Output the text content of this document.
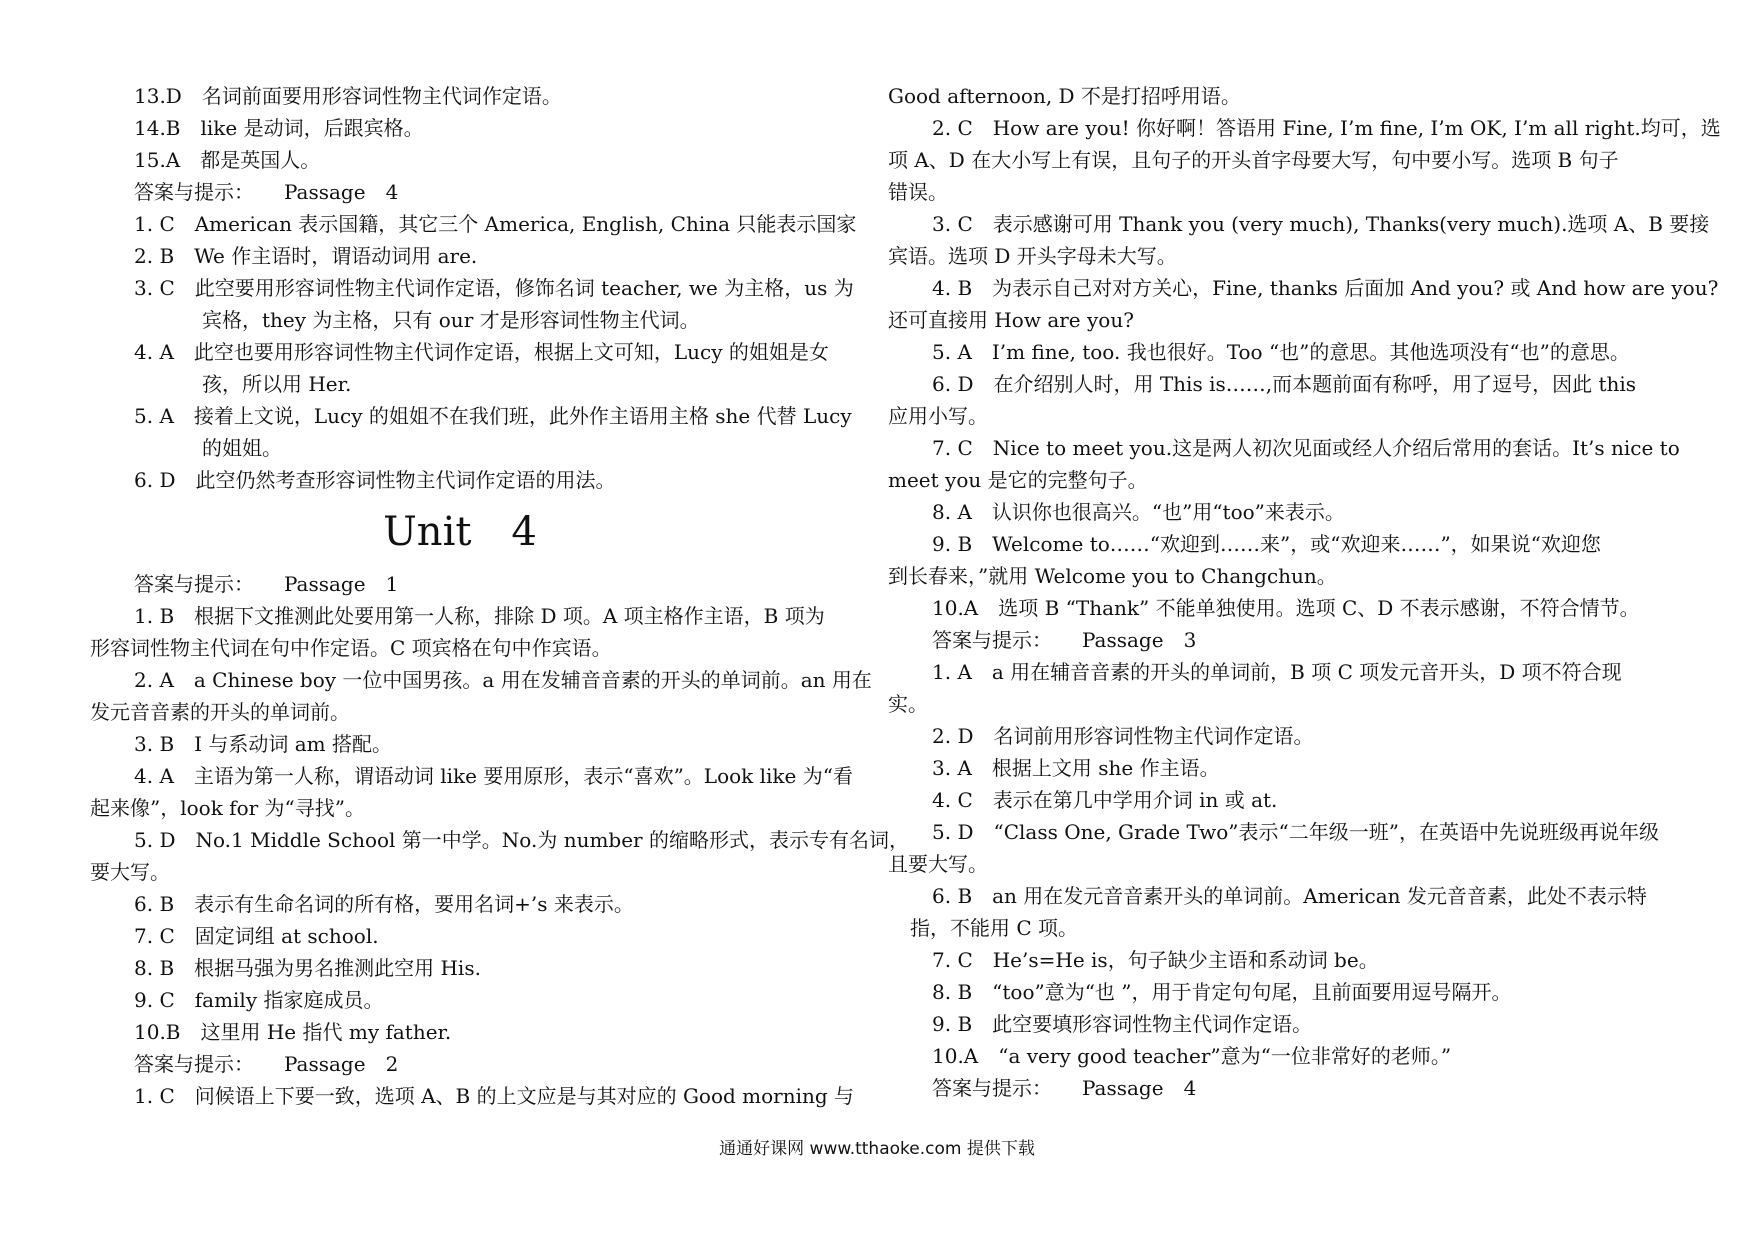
13.D　名词前面要用形容词性物主代词作定语。
14.B　like 是动词，后跟宾格。
15.A　都是英国人。
答案与提示：　　Passage　4
1. C　American 表示国籍，其它三个 America, English, China 只能表示国家
2. B　We 作主语时，谓语动词用 are.
3. C　此空要用形容词性物主代词作定语，修饰名词 teacher, we 为主格，us 为
宾格，they 为主格，只有 our 才是形容词性物主代词。
4. A　此空也要用形容词性物主代词作定语，根据上文可知，Lucy 的姐姐是女
孩，所以用 Her.
5. A　接着上文说，Lucy 的姐姐不在我们班，此外作主语用主格 she 代替 Lucy
的姐姐。
6. D　此空仍然考查形容词性物主代词作定语的用法。
Unit　4
答案与提示：　　Passage　1
1. B　根据下文推测此处要用第一人称，排除 D 项。A 项主格作主语，B 项为
形容词性物主代词在句中作定语。C 项宾格在句中作宾语。
2. A　a Chinese boy 一位中国男孩。a 用在发辅音音素的开头的单词前。an 用在
发元音音素的开头的单词前。
3. B　I 与系动词 am 搭配。
4. A　主语为第一人称，谓语动词 like 要用原形，表示“喜欢”。Look like 为“看
起来像”，look for 为“寻找”。
5. D　No.1 Middle School 第一中学。No.为 number 的缩略形式，表示专有名词，
要大写。
6. B　表示有生命名词的所有格，要用名词+’s 来表示。
7. C　固定词组 at school.
8. B　根据马强为男名推测此空用 His.
9. C　family 指家庭成员。
10.B　这里用 He 指代 my father.
答案与提示：　　Passage　2
1. C　问候语上下要一致，选项 A、B 的上文应是与其对应的 Good morning 与
Good afternoon, D 不是打招呼用语。
2. C　How are you! 你好啊！答语用 Fine, I’m fine, I’m OK, I’m all right.均可，选
项 A、D 在大小写上有误，且句子的开头首字母要大写，句中要小写。选项 B 句子
错误。
3. C　表示感谢可用 Thank you (very much), Thanks(very much).选项 A、B 要接
宾语。选项 D 开头字母未大写。
4. B　为表示自己对对方关心，Fine, thanks 后面加 And you? 或 And how are you?
还可直接用 How are you?
5. A　I’m fine, too. 我也很好。Too “也”的意思。其他选项没有“也”的意思。
6. D　在介绍别人时，用 This is……,而本题前面有称呼，用了逗号，因此 this
应用小写。
7. C　Nice to meet you.这是两人初次见面或经人介绍后常用的套话。It’s nice to
meet you 是它的完整句子。
8. A　认识你也很高兴。“也”用“too”来表示。
9. B　Welcome to……“欢迎到……来”，或“欢迎来……”，如果说“欢迎您
到长春来，”就用 Welcome you to Changchun。
10.A　选项 B “Thank” 不能单独使用。选项 C、D 不表示感谢，不符合情节。
答案与提示：　　Passage　3
1. A　a 用在辅音音素的开头的单词前，B 项 C 项发元音开头，D 项不符合现
实。
2. D　名词前用形容词性物主代词作定语。
3. A　根据上文用 she 作主语。
4. C　表示在第几中学用介词 in 或 at.
5. D　“Class One, Grade Two”表示“二年级一班”，在英语中先说班级再说年级
且要大写。
6. B　an 用在发元音音素开头的单词前。American 发元音音素，此处不表示特
指，不能用 C 项。
7. C　He’s=He is，句子缺少主语和系动词 be。
8. B　“too”意为“也 ”，用于肯定句句尾，且前面要用逗号隔开。
9. B　此空要填形容词性物主代词作定语。
10.A　“a very good teacher”意为“一位非常好的老师。”
答案与提示：　　Passage　4
通通好课网 www.tthaoke.com 提供下载
